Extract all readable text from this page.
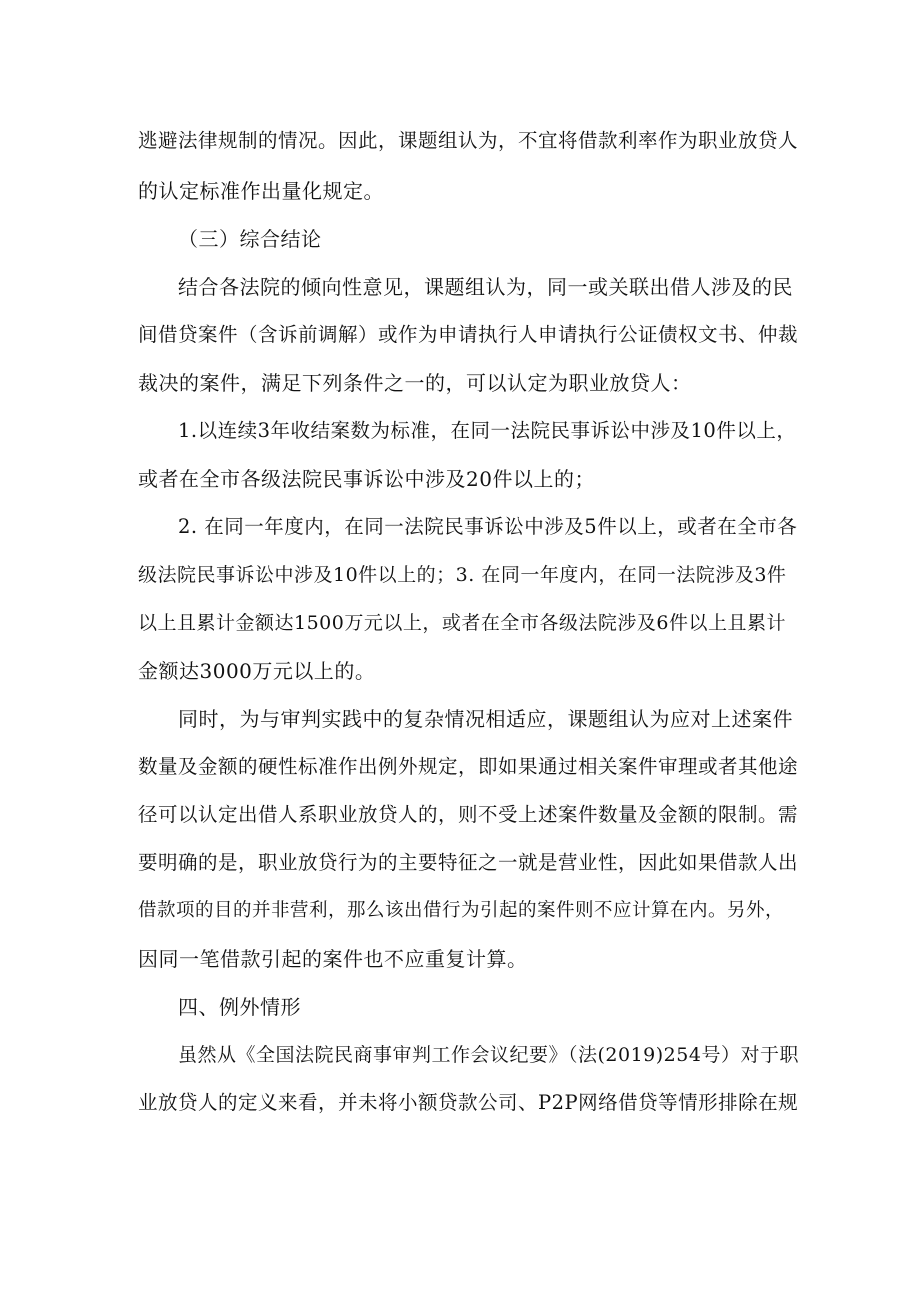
逃避法律规制的情况。因此，课题组认为，不宜将借款利率作为职业放贷人
的认定标准作出量化规定。
（三）综合结论
结合各法院的倾向性意见，课题组认为，同一或关联出借人涉及的民
间借贷案件（含诉前调解）或作为申请执行人申请执行公证债权文书、仲裁
裁决的案件，满足下列条件之一的，可以认定为职业放贷人：
1.以连续3年收结案数为标准，在同一法院民事诉讼中涉及10件以上，
或者在全市各级法院民事诉讼中涉及20件以上的；
2. 在同一年度内，在同一法院民事诉讼中涉及5件以上，或者在全市各
级法院民事诉讼中涉及10件以上的；3. 在同一年度内，在同一法院涉及3件
以上且累计金额达1500万元以上，或者在全市各级法院涉及6件以上且累计
金额达3000万元以上的。
同时，为与审判实践中的复杂情况相适应，课题组认为应对上述案件
数量及金额的硬性标准作出例外规定，即如果通过相关案件审理或者其他途
径可以认定出借人系职业放贷人的，则不受上述案件数量及金额的限制。需
要明确的是，职业放贷行为的主要特征之一就是营业性，因此如果借款人出
借款项的目的并非营利，那么该出借行为引起的案件则不应计算在内。另外，
因同一笔借款引起的案件也不应重复计算。
四、例外情形
虽然从《全国法院民商事审判工作会议纪要》（法(2019)254号）对于职
业放贷人的定义来看，并未将小额贷款公司、P2P网络借贷等情形排除在规
